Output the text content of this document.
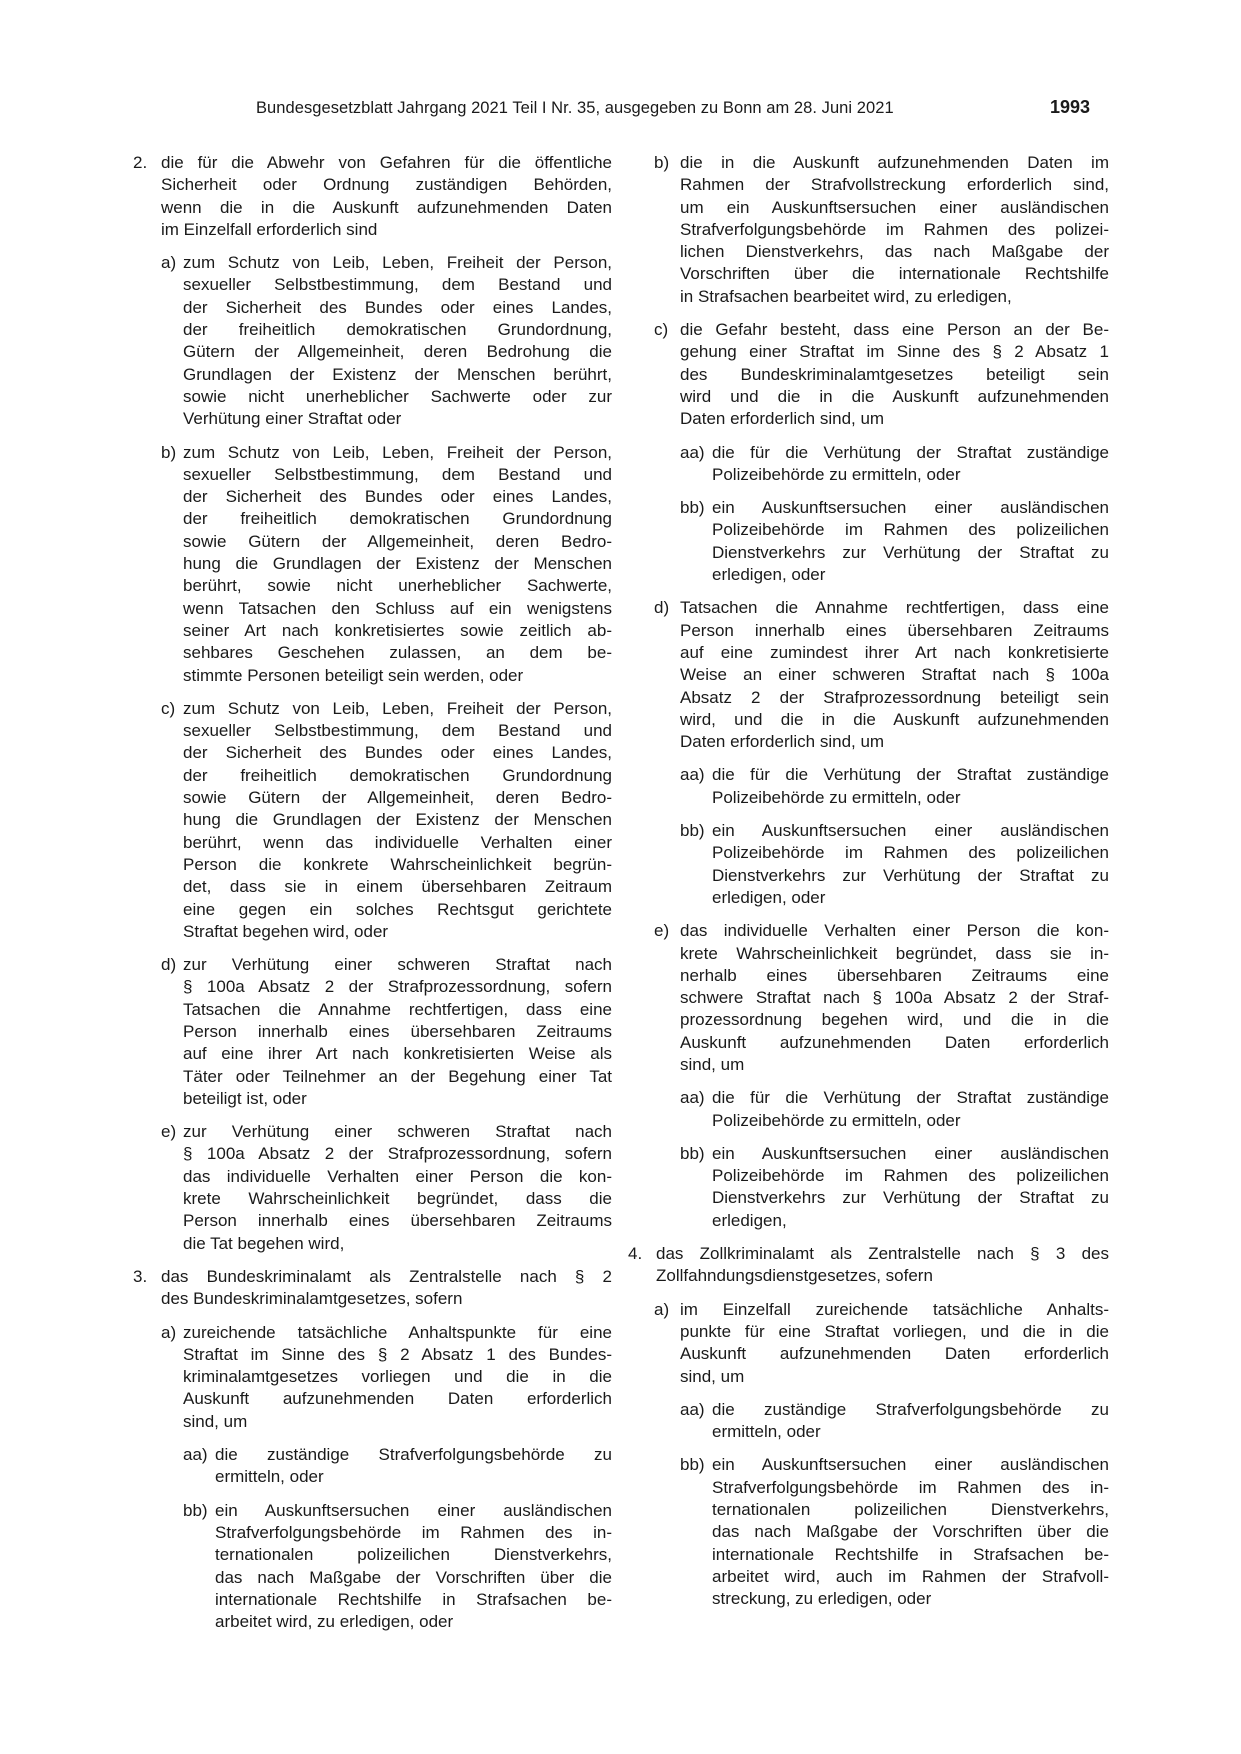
Bundesgesetzblatt Jahrgang 2021 Teil I Nr. 35, ausgegeben zu Bonn am 28. Juni 2021	1993
2. die für die Abwehr von Gefahren für die öffentliche
Sicherheit oder Ordnung zuständigen Behörden,
wenn die in die Auskunft aufzunehmenden Daten
im Einzelfall erforderlich sind
a) zum Schutz von Leib, Leben, Freiheit der Person,
sexueller Selbstbestimmung, dem Bestand und
der Sicherheit des Bundes oder eines Landes,
der freiheitlich demokratischen Grundordnung,
Gütern der Allgemeinheit, deren Bedrohung die
Grundlagen der Existenz der Menschen berührt,
sowie nicht unerheblicher Sachwerte oder zur
Verhütung einer Straftat oder
b) zum Schutz von Leib, Leben, Freiheit der Person,
sexueller Selbstbestimmung, dem Bestand und
der Sicherheit des Bundes oder eines Landes,
der freiheitlich demokratischen Grundordnung
sowie Gütern der Allgemeinheit, deren Bedro-
hung die Grundlagen der Existenz der Menschen
berührt, sowie nicht unerheblicher Sachwerte,
wenn Tatsachen den Schluss auf ein wenigstens
seiner Art nach konkretisiertes sowie zeitlich ab-
sehbares Geschehen zulassen, an dem be-
stimmte Personen beteiligt sein werden, oder
c) zum Schutz von Leib, Leben, Freiheit der Person,
sexueller Selbstbestimmung, dem Bestand und
der Sicherheit des Bundes oder eines Landes,
der freiheitlich demokratischen Grundordnung
sowie Gütern der Allgemeinheit, deren Bedro-
hung die Grundlagen der Existenz der Menschen
berührt, wenn das individuelle Verhalten einer
Person die konkrete Wahrscheinlichkeit begrün-
det, dass sie in einem übersehbaren Zeitraum
eine gegen ein solches Rechtsgut gerichtete
Straftat begehen wird, oder
d) zur Verhütung einer schweren Straftat nach
§ 100a Absatz 2 der Strafprozessordnung, sofern
Tatsachen die Annahme rechtfertigen, dass eine
Person innerhalb eines übersehbaren Zeitraums
auf eine ihrer Art nach konkretisierten Weise als
Täter oder Teilnehmer an der Begehung einer Tat
beteiligt ist, oder
e) zur Verhütung einer schweren Straftat nach
§ 100a Absatz 2 der Strafprozessordnung, sofern
das individuelle Verhalten einer Person die kon-
krete Wahrscheinlichkeit begründet, dass die
Person innerhalb eines übersehbaren Zeitraums
die Tat begehen wird,
3. das Bundeskriminalamt als Zentralstelle nach § 2
des Bundeskriminalamtgesetzes, sofern
a) zureichende tatsächliche Anhaltspunkte für eine
Straftat im Sinne des § 2 Absatz 1 des Bundes-
kriminalamtgesetzes vorliegen und die in die
Auskunft aufzunehmenden Daten erforderlich
sind, um
aa) die zuständige Strafverfolgungsbehörde zu
ermitteln, oder
bb) ein Auskunftsersuchen einer ausländischen
Strafverfolgungsbehörde im Rahmen des in-
ternationalen polizeilichen Dienstverkehrs,
das nach Maßgabe der Vorschriften über die
internationale Rechtshilfe in Strafsachen be-
arbeitet wird, zu erledigen, oder
b) die in die Auskunft aufzunehmenden Daten im
Rahmen der Strafvollstreckung erforderlich sind,
um ein Auskunftsersuchen einer ausländischen
Strafverfolgungsbehörde im Rahmen des polizei-
lichen Dienstverkehrs, das nach Maßgabe der
Vorschriften über die internationale Rechtshilfe
in Strafsachen bearbeitet wird, zu erledigen,
c) die Gefahr besteht, dass eine Person an der Be-
gehung einer Straftat im Sinne des § 2 Absatz 1
des Bundeskriminalamtgesetzes beteiligt sein
wird und die in die Auskunft aufzunehmenden
Daten erforderlich sind, um
aa) die für die Verhütung der Straftat zuständige
Polizeibehörde zu ermitteln, oder
bb) ein Auskunftsersuchen einer ausländischen
Polizeibehörde im Rahmen des polizeilichen
Dienstverkehrs zur Verhütung der Straftat zu
erledigen, oder
d) Tatsachen die Annahme rechtfertigen, dass eine
Person innerhalb eines übersehbaren Zeitraums
auf eine zumindest ihrer Art nach konkretisierte
Weise an einer schweren Straftat nach § 100a
Absatz 2 der Strafprozessordnung beteiligt sein
wird, und die in die Auskunft aufzunehmenden
Daten erforderlich sind, um
aa) die für die Verhütung der Straftat zuständige
Polizeibehörde zu ermitteln, oder
bb) ein Auskunftsersuchen einer ausländischen
Polizeibehörde im Rahmen des polizeilichen
Dienstverkehrs zur Verhütung der Straftat zu
erledigen, oder
e) das individuelle Verhalten einer Person die kon-
krete Wahrscheinlichkeit begründet, dass sie in-
nerhalb eines übersehbaren Zeitraums eine
schwere Straftat nach § 100a Absatz 2 der Straf-
prozessordnung begehen wird, und die in die
Auskunft aufzunehmenden Daten erforderlich
sind, um
aa) die für die Verhütung der Straftat zuständige
Polizeibehörde zu ermitteln, oder
bb) ein Auskunftsersuchen einer ausländischen
Polizeibehörde im Rahmen des polizeilichen
Dienstverkehrs zur Verhütung der Straftat zu
erledigen,
4. das Zollkriminalamt als Zentralstelle nach § 3 des
Zollfahndungsdienstgesetzes, sofern
a) im Einzelfall zureichende tatsächliche Anhalts-
punkte für eine Straftat vorliegen, und die in die
Auskunft aufzunehmenden Daten erforderlich
sind, um
aa) die zuständige Strafverfolgungsbehörde zu
ermitteln, oder
bb) ein Auskunftsersuchen einer ausländischen
Strafverfolgungsbehörde im Rahmen des in-
ternationalen polizeilichen Dienstverkehrs,
das nach Maßgabe der Vorschriften über die
internationale Rechtshilfe in Strafsachen be-
arbeitet wird, auch im Rahmen der Strafvoll-
streckung, zu erledigen, oder
